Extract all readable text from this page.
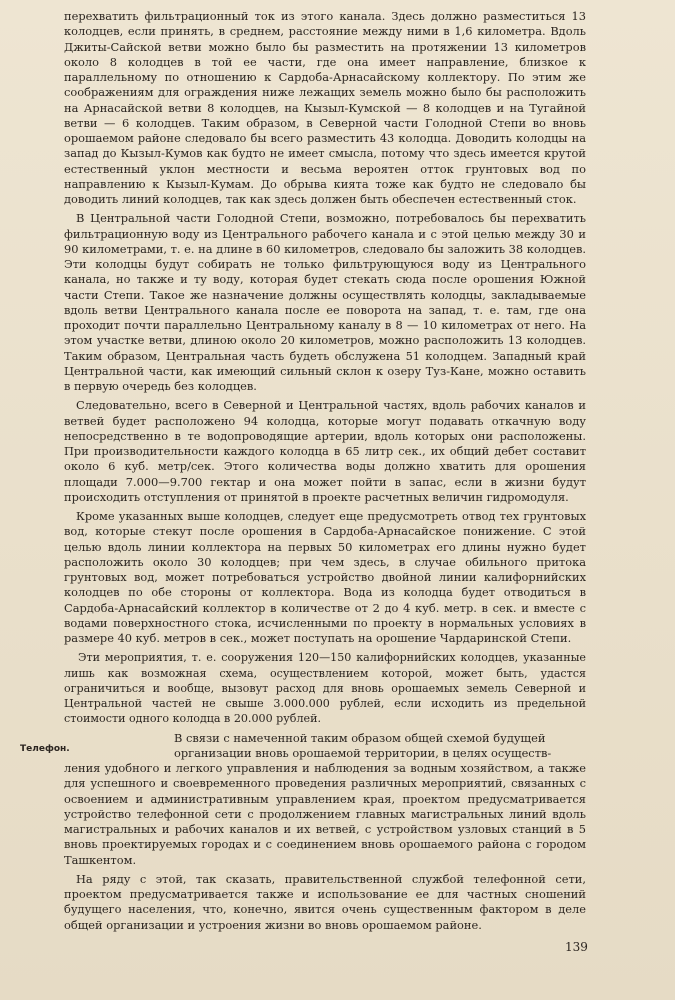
перехватить фильтрационный ток из этого канала. Здесь должно разместиться 13 колодцев, если принять, в среднем, расстояние между ними в 1,6 километра. Вдоль Джиты-Сайской ветви можно было бы разместить на протяжении 13 километров около 8 колодцев в той ее части, где она имеет направление, близкое к параллельному по отношению к Сардоба-Арнасайскому коллектору. По этим же соображениям для ограждения ниже лежащих земель можно было бы расположить на Арнасайской ветви 8 колодцев, на Кызыл-Кумской — 8 колодцев и на Тугайной ветви — 6 колодцев. Таким образом, в Северной части Голодной Степи во вновь орошаемом районе следовало бы всего разместить 43 колодца. Доводить колодцы на запад до Кызыл-Кумов как будто не имеет смысла, потому что здесь имеется крутой естественный уклон местности и весьма вероятен отток грунтовых вод по направлению к Кызыл-Кумам. До обрыва кията тоже как будто не следовало бы доводить линий колодцев, так как здесь должен быть обеспечен естественный сток.

В Центральной части Голодной Степи, возможно, потребовалось бы перехватить фильтрационную воду из Центрального рабочего канала и с этой целью между 30 и 90 километрами, т. е. на длине в 60 километров, следовало бы заложить 38 колодцев. Эти колодцы будут собирать не только фильтрующуюся воду из Центрального канала, но также и ту воду, которая будет стекать сюда после орошения Южной части Степи. Такое же назначение должны осуществлять колодцы, закладываемые вдоль ветви Центрального канала после ее поворота на запад, т. е. там, где она проходит почти параллельно Центральному каналу в 8 — 10 километрах от него. На этом участке ветви, длиною около 20 километров, можно расположить 13 колодцев. Таким образом, Центральная часть будеть обслужена 51 колодцем. Западный край Центральной части, как имеющий сильный склон к озеру Туз-Кане, можно оставить в первую очередь без колодцев.

Следовательно, всего в Северной и Центральной частях, вдоль рабочих каналов и ветвей будет расположено 94 колодца, которые могут подавать откачную воду непосредственно в те водопроводящие артерии, вдоль которых они расположены. При производительности каждого колодца в 65 литр сек., их общий дебет составит около 6 куб. метр/сек. Этого количества воды должно хватить для орошения площади 7.000—9.700 гектар и она может пойти в запас, если в жизни будут происходить отступления от принятой в проекте расчетных величин гидромодуля.

Кроме указанных выше колодцев, следует еще предусмотреть отвод тех грунтовых вод, которые стекут после орошения в Сардоба-Арнасайское понижение. С этой целью вдоль линии коллектора на первых 50 километрах его длины нужно будет расположить около 30 колодцев; при чем здесь, в случае обильного притока грунтовых вод, может потребоваться устройство двойной линии калифорнийских колодцев по обе стороны от коллектора. Вода из колодца будет отводиться в Сардоба-Арнасайский коллектор в количестве от 2 до 4 куб. метр. в сек. и вместе с водами поверхностного стока, исчисленными по проекту в нормальных условиях в размере 40 куб. метров в сек., может поступать на орошение Чардаринской Степи.

Эти мероприятия, т. е. сооружения 120—150 калифорнийских колодцев, указанные лишь как возможная схема, осуществлением которой, может быть, удастся ограничиться и вообще, вызовут расход для вновь орошаемых земель Северной и Центральной частей не свыше 3.000.000 рублей, если исходить из предельной стоимости одного колодца в 20.000 рублей.

Телефон.

В связи с намеченной таким образом общей схемой будущей
организации вновь орошаемой территории, в целях осуществ-
ления удобного и легкого управления и наблюдения за водным хозяйством, а также для успешного и своевременного проведения различных мероприятий, связанных с освоением и административным управлением края, проектом предусматривается устройство телефонной сети с продолжением главных магистральных линий вдоль магистральных и рабочих каналов и их ветвей, с устройством узловых станций в 5 вновь проектируемых городах и с соединением вновь орошаемого района с городом Ташкентом.

На ряду с этой, так сказать, правительственной службой телефонной сети, проектом предусматривается также и использование ее для частных сношений будущего населения, что, конечно, явится очень существенным фактором в деле общей организации и устроения жизни во вновь орошаемом районе.

139
